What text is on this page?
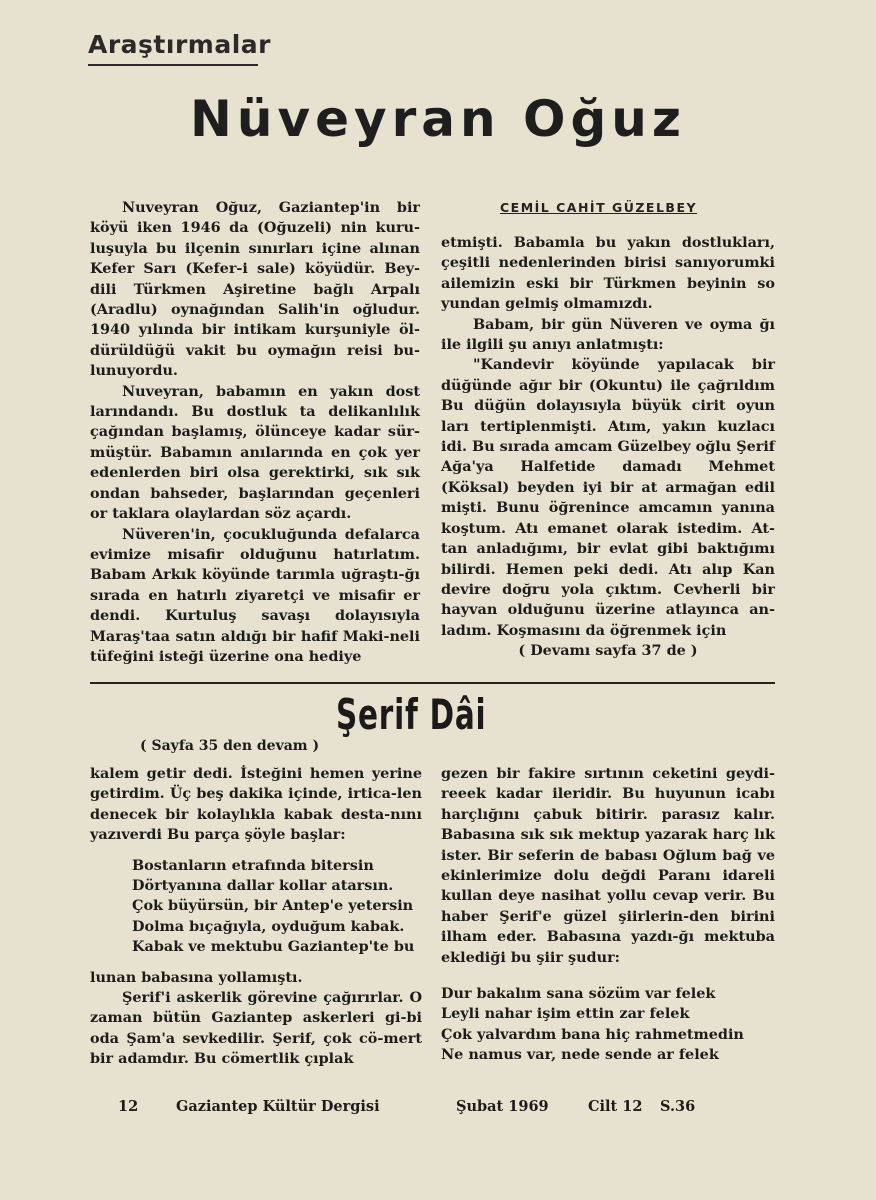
Araştırmalar
Nüveyran Oğuz
CEMİL CAHİT GÜZELBEY

Nuveyran Oğuz, Gaziantep'in bir köyü iken 1946 da (Oğuzeli) nin kuru-luşuyla bu ilçenin sınırları içine alınan Kefer Sarı (Kefer-i sale) köyüdür. Bey-dili Türkmen Aşiretine bağlı Arpalı (Aradlu) oynağından Salih'in oğludur. 1940 yılında bir intikam kurşuniyle öl-dürüldüğü vakit bu oymağın reisi bu-lunuyordu.

Nuveyran, babamın en yakın dost larındandı. Bu dostluk ta delikanlılık çağından başlamış, ölünceye kadar sür-müştür. Babamın anılarında en çok yer edenlerden biri olsa gerektirki, sık sık ondan bahseder, başlarından geçenleri or taklara olaylardan söz açardı.

Nüveren'in, çocukluğunda defalarca evimize misafir olduğunu hatırlatım. Babam Arkık köyünde tarımla uğraştı-ğı sırada en hatırlı ziyaretçi ve misafir er dendi. Kurtuluş savaşı dolayısıyla Maraş'taa satın aldığı bir hafif Maki-neli tüfeğini isteği üzerine ona hediye

etmişti. Babamla bu yakın dostlukları, çeşitli nedenlerinden birisi sanıyorumki ailemizin eski bir Türkmen beyinin so yundan gelmiş olmamızdı.

Babam, bir gün Nüveren ve oyma ğı ile ilgili şu anıyı anlatmıştı:

"Kandevir köyünde yapılacak bir düğünde ağır bir (Okuntu) ile çağrıldım Bu düğün dolayısıyla büyük cirit oyun ları tertiplenmişti. Atım, yakın kuzlacı idi. Bu sırada amcam Güzelbey oğlu Şerif Ağa'ya Halfetide damadı Mehmet (Köksal) beyden iyi bir at armağan edil mişti. Bunu öğrenince amcamın yanına koştum. Atı emanet olarak istedim. At-tan anladığımı, bir evlat gibi baktığımı bilirdi. Hemen peki dedi. Atı alıp Kan devire doğru yola çıktım. Cevherli bir hayvan olduğunu üzerine atlayınca an-ladım. Koşmasını da öğrenmek için

( Devamı sayfa 37 de )

Şerif Dâi
( Sayfa 35 den devam )

kalem getir dedi. İsteğini hemen yerine getirdim. Üç beş dakika içinde, irtica-len denecek bir kolaylıkla kabak desta-nını yazıverdi Bu parça şöyle başlar:

Bostanların etrafında bitersin

Dörtyanına dallar kollar atarsın.

Çok büyürsün, bir Antep'e yetersin

Dolma bıçağıyla, oyduğum kabak.

Kabak ve mektubu Gaziantep'te bu

lunan babasına yollamıştı.

Şerif'i askerlik görevine çağırırlar. O zaman bütün Gaziantep askerleri gi-bi oda Şam'a sevkedilir. Şerif, çok cö-mert bir adamdır. Bu cömertlik çıplak

gezen bir fakire sırtının ceketini geydi-reeek kadar ileridir. Bu huyunun icabı harçlığını çabuk bitirir. parasız kalır. Babasına sık sık mektup yazarak harç lık ister. Bir seferin de babası Oğlum bağ ve ekinlerimize dolu değdi Paranı idareli kullan deye nasihat yollu cevap verir. Bu haber Şerif'e güzel şiirlerin-den birini ilham eder. Babasına yazdı-ğı mektuba eklediği bu şiir şudur:

Dur bakalım sana sözüm var felek

Leyli nahar işim ettin zar felek

Çok yalvardım bana hiç rahmetmedin

Ne namus var, nede sende ar felek

12	Gaziantep Kültür Dergisi	Şubat 1969	Cilt 12 S.36
